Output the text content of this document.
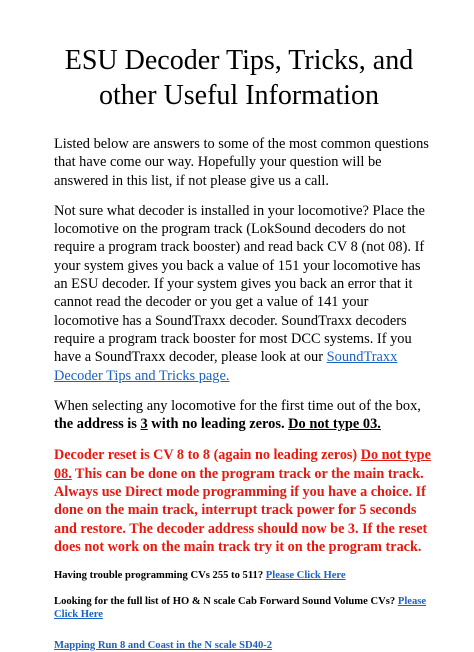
ESU Decoder Tips, Tricks, and
other Useful Information

Listed below are answers to some of the most common questions that have come our way. Hopefully your question will be answered in this list, if not please give us a call.

Not sure what decoder is installed in your locomotive? Place the locomotive on the program track (LokSound decoders do not require a program track booster) and read back CV 8 (not 08). If your system gives you back a value of 151 your locomotive has an ESU decoder. If your system gives you back an error that it cannot read the decoder or you get a value of 141 your locomotive has a SoundTraxx decoder. SoundTraxx decoders require a program track booster for most DCC systems. If you have a SoundTraxx decoder, please look at our SoundTraxx Decoder Tips and Tricks page.

When selecting any locomotive for the first time out of the box, the address is 3 with no leading zeros. Do not type 03.

Decoder reset is CV 8 to 8 (again no leading zeros) Do not type 08. This can be done on the program track or the main track. Always use Direct mode programming if you have a choice. If done on the main track, interrupt track power for 5 seconds and restore. The decoder address should now be 3. If the reset does not work on the main track try it on the program track.

Having trouble programming CVs 255 to 511? Please Click Here

Looking for the full list of HO & N scale Cab Forward Sound Volume CVs? Please Click Here

Mapping Run 8 and Coast in the N scale SD40-2
